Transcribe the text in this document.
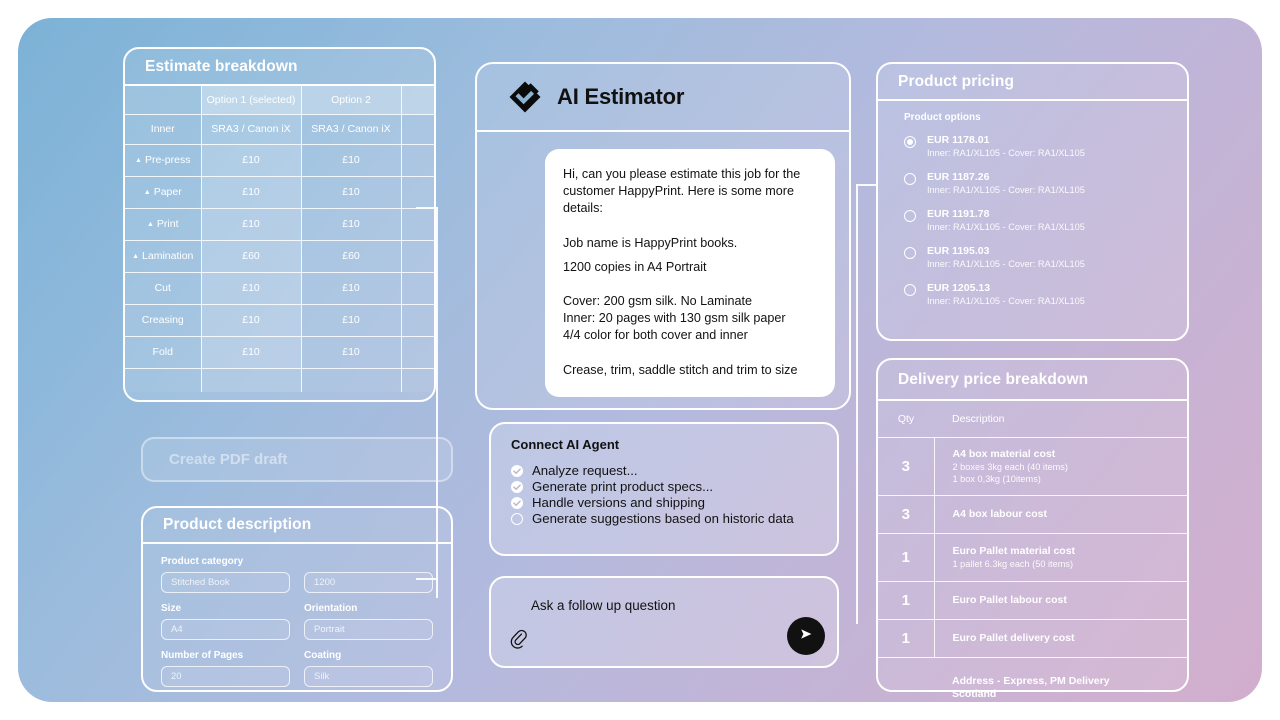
Estimate breakdown
	Option 1 (selected)	Option 2	
Inner	SRA3 / Canon iX	SRA3 / Canon iX	
▲ Pre-press	£10	£10	
▲ Paper	£10	£10	
▲ Print	£10	£10	
▲ Lamination	£60	£60	
Cut	£10	£10	
Creasing	£10	£10	
Fold	£10	£10	

Create PDF draft
Product description
Product category
Stitched Book	1200
Size
A4
Orientation
Portrait
Number of Pages
20
Coating
Silk
AI Estimator

Hi, can you please estimate this job for the customer HappyPrint. Here is some more details:

Job name is HappyPrint books.

1200 copies in A4 Portrait

Cover: 200 gsm silk. No Laminate

Inner: 20 pages with 130 gsm silk paper

4/4 color for both cover and inner

Crease, trim, saddle stitch and trim to size

Connect AI Agent
Analyze request...
Generate print product specs...
Handle versions and shipping
Generate suggestions based on historic data
Ask a follow up question
Product pricing
Product options
EUR 1178.01
Inner: RA1/XL105 - Cover: RA1/XL105
EUR 1187.26
Inner: RA1/XL105 - Cover: RA1/XL105
EUR 1191.78
Inner: RA1/XL105 - Cover: RA1/XL105
EUR 1195.03
Inner: RA1/XL105 - Cover: RA1/XL105
EUR 1205.13
Inner: RA1/XL105 - Cover: RA1/XL105
Delivery price breakdown
Qty	Description
3	A4 box material cost
2 boxes 3kg each (40 items)
1 box 0,3kg (10items)

3	A4 box labour cost

1	Euro Pallet material cost
1 pallet 6.3kg each (50 items)

1	Euro Pallet labour cost

1	Euro Pallet delivery cost

	Address - Express, PM Delivery
Scotland
